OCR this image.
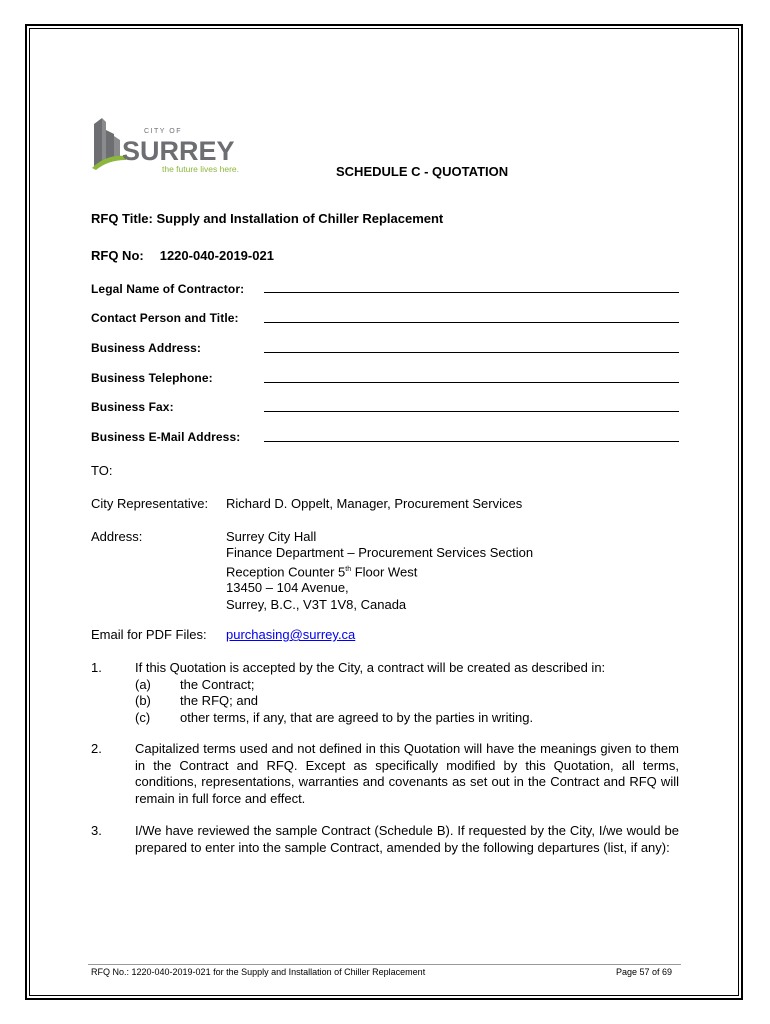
CITY OF
SURREY
the future lives here.	SCHEDULE C - QUOTATION
RFQ Title: Supply and Installation of Chiller Replacement
RFQ No: 1220-040-2019-021
Legal Name of Contractor:
Contact Person and Title:
Business Address:
Business Telephone:
Business Fax:
Business E-Mail Address:
TO:
City Representative: Richard D. Oppelt, Manager, Procurement Services
Address:	Surrey City Hall
Finance Department – Procurement Services Section
Reception Counter 5th Floor West
13450 – 104 Avenue,
Surrey, B.C., V3T 1V8, Canada
Email for PDF Files: purchasing@surrey.ca
1.	If this Quotation is accepted by the City, a contract will be created as described in:
(a) the Contract;
(b) the RFQ; and
(c) other terms, if any, that are agreed to by the parties in writing.
2.	Capitalized terms used and not defined in this Quotation will have the meanings given to them in the Contract and RFQ. Except as specifically modified by this Quotation, all terms, conditions, representations, warranties and covenants as set out in the Contract and RFQ will remain in full force and effect.
3.	I/We have reviewed the sample Contract (Schedule B). If requested by the City, I/we would be prepared to enter into the sample Contract, amended by the following departures (list, if any):
RFQ No.: 1220-040-2019-021 for the Supply and Installation of Chiller Replacement	Page 57 of 69
